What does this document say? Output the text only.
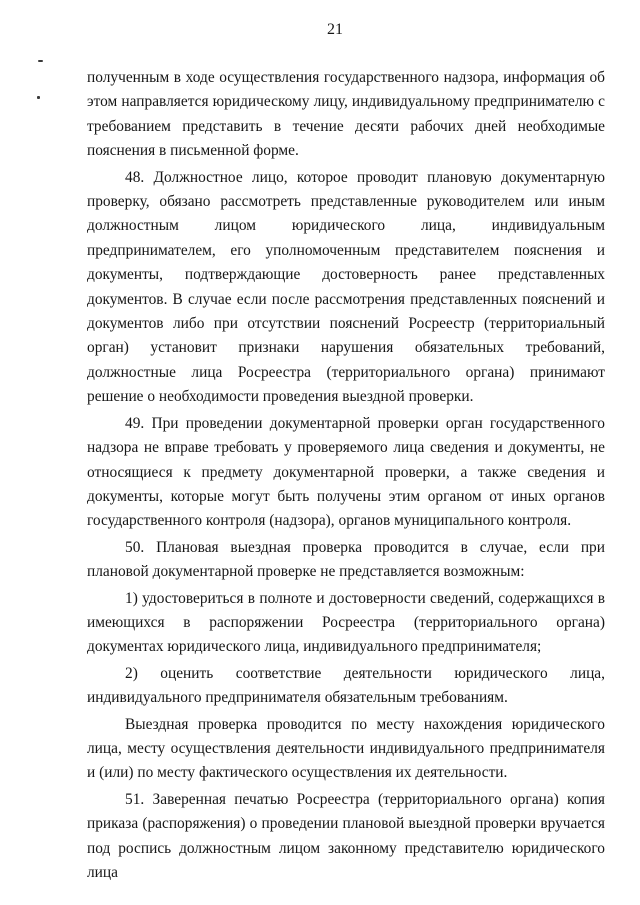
21

полученным в ходе осуществления государственного надзора, информация об этом направляется юридическому лицу, индивидуальному предпринимателю с требованием представить в течение десяти рабочих дней необходимые пояснения в письменной форме.

48. Должностное лицо, которое проводит плановую документарную проверку, обязано рассмотреть представленные руководителем или иным должностным лицом юридического лица, индивидуальным предпринимателем, его уполномоченным представителем пояснения и документы, подтверждающие достоверность ранее представленных документов. В случае если после рассмотрения представленных пояснений и документов либо при отсутствии пояснений Росреестр (территориальный орган) установит признаки нарушения обязательных требований, должностные лица Росреестра (территориального органа) принимают решение о необходимости проведения выездной проверки.

49. При проведении документарной проверки орган государственного надзора не вправе требовать у проверяемого лица сведения и документы, не относящиеся к предмету документарной проверки, а также сведения и документы, которые могут быть получены этим органом от иных органов государственного контроля (надзора), органов муниципального контроля.

50. Плановая выездная проверка проводится в случае, если при плановой документарной проверке не представляется возможным:

1) удостовериться в полноте и достоверности сведений, содержащихся в имеющихся в распоряжении Росреестра (территориального органа) документах юридического лица, индивидуального предпринимателя;

2) оценить соответствие деятельности юридического лица, индивидуального предпринимателя обязательным требованиям.

Выездная проверка проводится по месту нахождения юридического лица, месту осуществления деятельности индивидуального предпринимателя и (или) по месту фактического осуществления их деятельности.

51. Заверенная печатью Росреестра (территориального органа) копия приказа (распоряжения) о проведении плановой выездной проверки вручается под роспись должностным лицом законному представителю юридического лица
